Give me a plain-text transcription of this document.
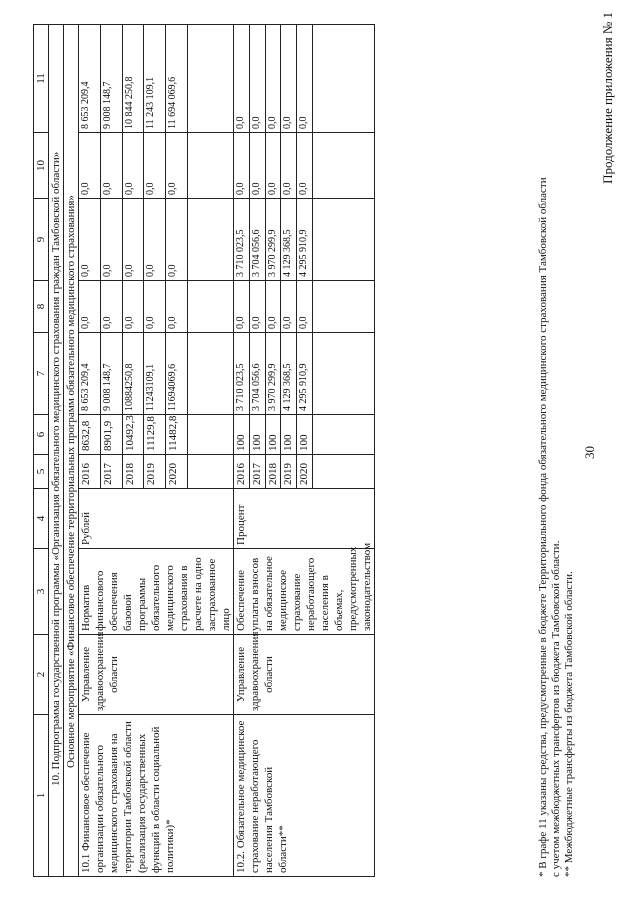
30
Продолжение приложения № 1
1	2	3	4	5	6	7	8	9	10	11
10. Подпрограмма государственной программы «Организация обязательного медицинского страхования граждан Тамбовской области»										
Основное мероприятие «Финансовое обеспечение территориальных программ обязательного медицинского страхования»										
10.1 Финансовое обеспечение организации обязательного медицинского страхования на территории Тамбовской области (реализация государственных функций в области социальной политики)*	Управление здравоохранения области	Норматив финансового обеспечения базовой программы обязательного медицинского страхования в расчете на одно застрахованное лицо	Рублей	2016	8632,8	8 653 209,4	0,0	0,0	0,0	8 653 209,4
				2017	8901,9	9 008 148,7	0,0	0,0	0,0	9 008 148,7
				2018	10492,3	10884250,8	0,0	0,0	0,0	10 844 250,8
				2019	11129,8	11243109,1	0,0	0,0	0,0	11 243 109,1
				2020	11482,8	11694069,6	0,0	0,0	0,0	11 694 069,6

10.2. Обязательное медицинское страхование неработающего населения Тамбовской области**	Управление здравоохранения области	Обеспечение уплаты взносов на обязательное медицинское страхование неработающего населения в объемах, предусмотренных законодательством	Процент	2016	100	3 710 023,5	0,0	3 710 023,5	0,0	0,0
				2017	100	3 704 056,6	0,0	3 704 056,6	0,0	0,0
				2018	100	3 970 299,9	0,0	3 970 299,9	0,0	0,0
				2019	100	4 129 368,5	0,0	4 129 368,5	0,0	0,0
				2020	100	4 295 910,9	0,0	4 295 910,9	0,0	0,0

* В графе 11 указаны средства, предусмотренные в бюджете Территориального фонда обязательного медицинского страхования Тамбовской области с учетом межбюджетных трансфертов из бюджета Тамбовской области. ** Межбюджетные трансферты из бюджета Тамбовской области.
